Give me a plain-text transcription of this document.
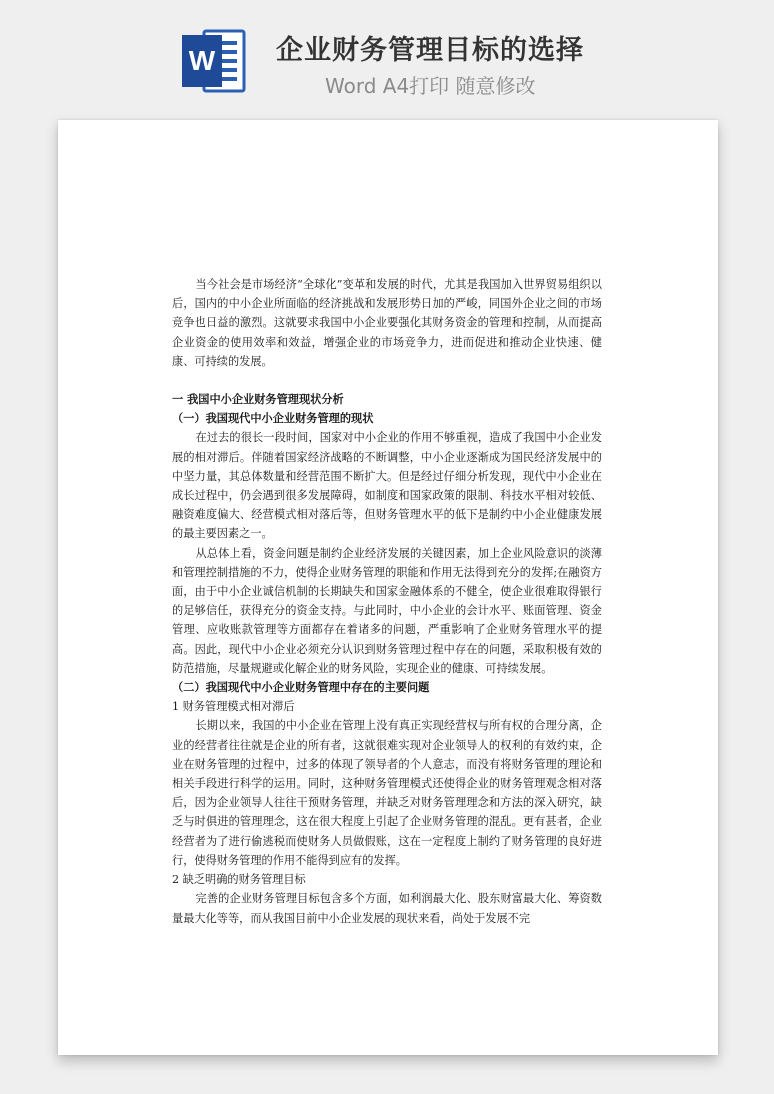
W 企业财务管理目标的选择
Word A4打印 随意修改

当今社会是市场经济“全球化”变革和发展的时代，尤其是我国加入世界贸易组织以后，国内的中小企业所面临的经济挑战和发展形势日加的严峻，同国外企业之间的市场竞争也日益的激烈。这就要求我国中小企业要强化其财务资金的管理和控制，从而提高企业资金的使用效率和效益，增强企业的市场竞争力，进而促进和推动企业快速、健康、可持续的发展。

一 我国中小企业财务管理现状分析

（一）我国现代中小企业财务管理的现状

在过去的很长一段时间，国家对中小企业的作用不够重视，造成了我国中小企业发展的相对滞后。伴随着国家经济战略的不断调整，中小企业逐渐成为国民经济发展中的中坚力量，其总体数量和经营范围不断扩大。但是经过仔细分析发现，现代中小企业在成长过程中，仍会遇到很多发展障碍，如制度和国家政策的限制、科技水平相对较低、融资难度偏大、经营模式相对落后等，但财务管理水平的低下是制约中小企业健康发展的最主要因素之一。

从总体上看，资金问题是制约企业经济发展的关键因素，加上企业风险意识的淡薄和管理控制措施的不力，使得企业财务管理的职能和作用无法得到充分的发挥;在融资方面，由于中小企业诚信机制的长期缺失和国家金融体系的不健全，使企业很难取得银行的足够信任，获得充分的资金支持。与此同时，中小企业的会计水平、账面管理、资金管理、应收账款管理等方面都存在着诸多的问题，严重影响了企业财务管理水平的提高。因此，现代中小企业必须充分认识到财务管理过程中存在的问题，采取积极有效的防范措施，尽量规避或化解企业的财务风险，实现企业的健康、可持续发展。

（二）我国现代中小企业财务管理中存在的主要问题

1 财务管理模式相对滞后

长期以来，我国的中小企业在管理上没有真正实现经营权与所有权的合理分离，企业的经营者往往就是企业的所有者，这就很难实现对企业领导人的权利的有效约束，企业在财务管理的过程中，过多的体现了领导者的个人意志，而没有将财务管理的理论和相关手段进行科学的运用。同时，这种财务管理模式还使得企业的财务管理观念相对落后，因为企业领导人往往干预财务管理，并缺乏对财务管理理念和方法的深入研究，缺乏与时俱进的管理理念，这在很大程度上引起了企业财务管理的混乱。更有甚者，企业经营者为了进行偷逃税而使财务人员做假账，这在一定程度上制约了财务管理的良好进行，使得财务管理的作用不能得到应有的发挥。

2 缺乏明确的财务管理目标

完善的企业财务管理目标包含多个方面，如利润最大化、股东财富最大化、筹资数量最大化等等，而从我国目前中小企业发展的现状来看，尚处于发展不完
